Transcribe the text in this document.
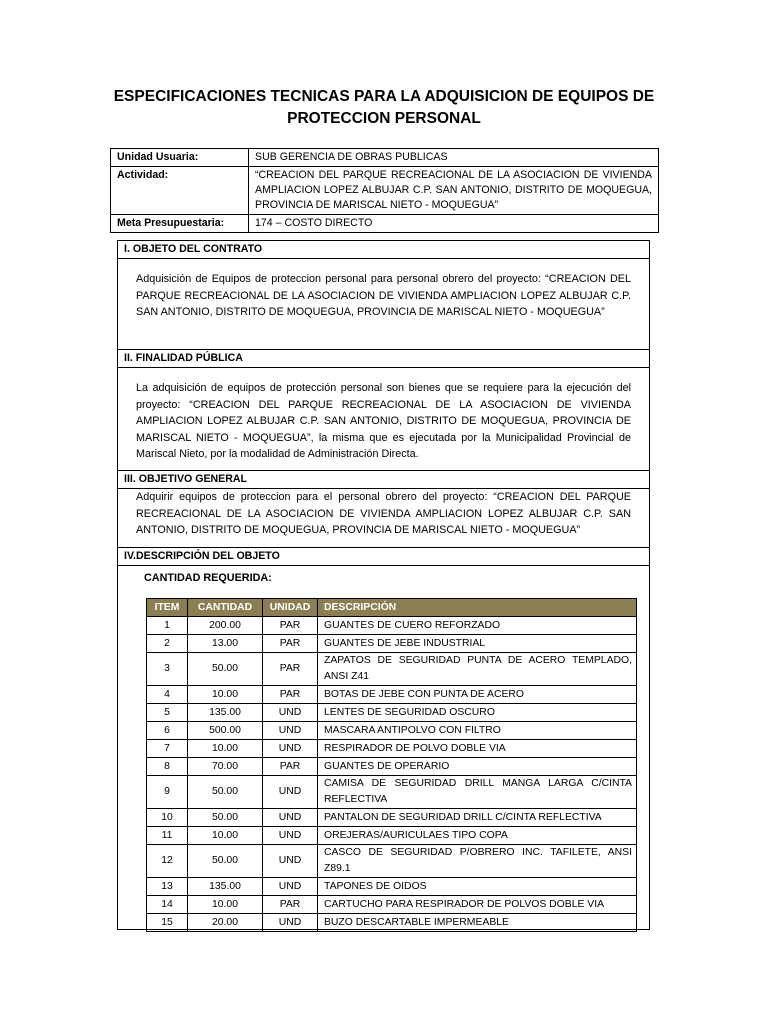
ESPECIFICACIONES TECNICAS PARA LA ADQUISICION DE EQUIPOS DE
PROTECCION PERSONAL
Unidad Usuaria:	SUB GERENCIA DE OBRAS PUBLICAS
Actividad:	“CREACION DEL PARQUE RECREACIONAL DE LA ASOCIACION DE VIVIENDA AMPLIACION LOPEZ ALBUJAR C.P. SAN ANTONIO, DISTRITO DE MOQUEGUA, PROVINCIA DE MARISCAL NIETO - MOQUEGUA”
Meta Presupuestaria:	174 – COSTO DIRECTO
I. OBJETO DEL CONTRATO
Adquisición de Equipos de proteccion personal para personal obrero del proyecto: “CREACION DEL PARQUE RECREACIONAL DE LA ASOCIACION DE VIVIENDA AMPLIACION LOPEZ ALBUJAR C.P. SAN ANTONIO, DISTRITO DE MOQUEGUA, PROVINCIA DE MARISCAL NIETO - MOQUEGUA”
II. FINALIDAD PÚBLICA
La adquisición de equipos de protección personal son bienes que se requiere para la ejecución del proyecto: “CREACION DEL PARQUE RECREACIONAL DE LA ASOCIACION DE VIVIENDA AMPLIACION LOPEZ ALBUJAR C.P. SAN ANTONIO, DISTRITO DE MOQUEGUA, PROVINCIA DE MARISCAL NIETO - MOQUEGUA”, la misma que es ejecutada por la Municipalidad Provincial de Mariscal Nieto, por la modalidad de Administración Directa.
III. OBJETIVO GENERAL
Adquirir equipos de proteccion para el personal obrero del proyecto: “CREACION DEL PARQUE RECREACIONAL DE LA ASOCIACION DE VIVIENDA AMPLIACION LOPEZ ALBUJAR C.P. SAN ANTONIO, DISTRITO DE MOQUEGUA, PROVINCIA DE MARISCAL NIETO - MOQUEGUA”
IV.DESCRIPCIÓN DEL OBJETO
CANTIDAD REQUERIDA:
ITEM	CANTIDAD	UNIDAD	DESCRIPCIÓN
1	200.00	PAR	GUANTES DE CUERO REFORZADO
2	13.00	PAR	GUANTES DE JEBE INDUSTRIAL
3	50.00	PAR	ZAPATOS DE SEGURIDAD PUNTA DE ACERO TEMPLADO, ANSI Z41
4	10.00	PAR	BOTAS DE JEBE CON PUNTA DE ACERO
5	135.00	UND	LENTES DE SEGURIDAD OSCURO
6	500.00	UND	MASCARA ANTIPOLVO CON FILTRO
7	10.00	UND	RESPIRADOR DE POLVO DOBLE VIA
8	70.00	PAR	GUANTES DE OPERARIO
9	50.00	UND	CAMISA DE SEGURIDAD DRILL MANGA LARGA C/CINTA REFLECTIVA
10	50.00	UND	PANTALON DE SEGURIDAD DRILL C/CINTA REFLECTIVA
11	10.00	UND	OREJERAS/AURICULAES TIPO COPA
12	50.00	UND	CASCO DE SEGURIDAD P/OBRERO INC. TAFILETE, ANSI Z89.1
13	135.00	UND	TAPONES DE OIDOS
14	10.00	PAR	CARTUCHO PARA RESPIRADOR DE POLVOS DOBLE VIA
15	20.00	UND	BUZO DESCARTABLE IMPERMEABLE
